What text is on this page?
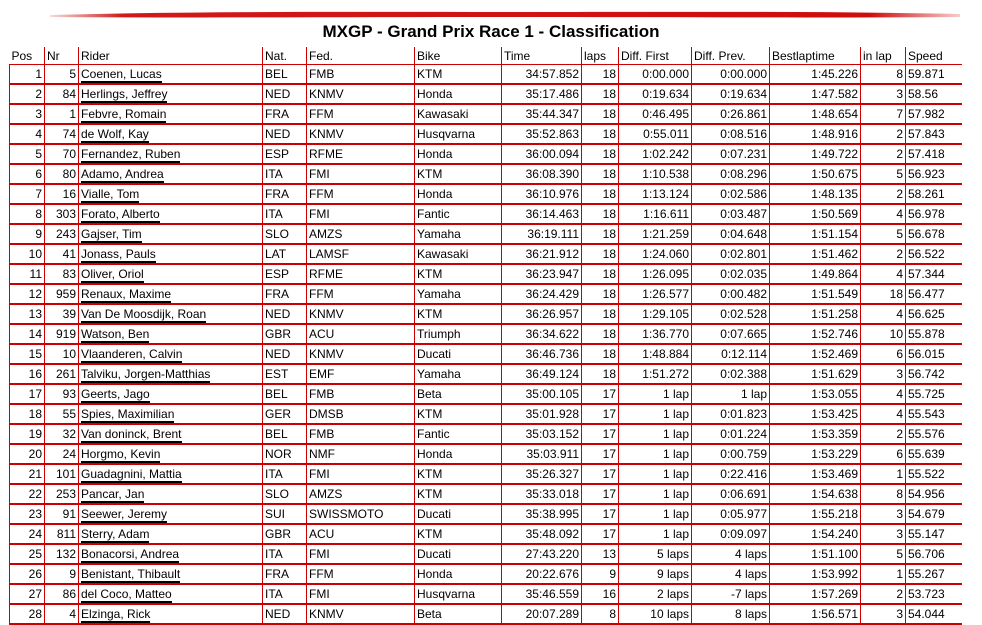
MXGP - Grand Prix Race 1 - Classification
Pos	Nr	Rider	Nat.	Fed.	Bike	Time	laps	Diff. First	Diff. Prev.	Bestlaptime	in lap	Speed
1	5	Coenen, Lucas	BEL	FMB	KTM	34:57.852	18	0:00.000	0:00.000	1:45.226	8	59.871
2	84	Herlings, Jeffrey	NED	KNMV	Honda	35:17.486	18	0:19.634	0:19.634	1:47.582	3	58.56
3	1	Febvre, Romain	FRA	FFM	Kawasaki	35:44.347	18	0:46.495	0:26.861	1:48.654	7	57.982
4	74	de Wolf, Kay	NED	KNMV	Husqvarna	35:52.863	18	0:55.011	0:08.516	1:48.916	2	57.843
5	70	Fernandez, Ruben	ESP	RFME	Honda	36:00.094	18	1:02.242	0:07.231	1:49.722	2	57.418
6	80	Adamo, Andrea	ITA	FMI	KTM	36:08.390	18	1:10.538	0:08.296	1:50.675	5	56.923
7	16	Vialle, Tom	FRA	FFM	Honda	36:10.976	18	1:13.124	0:02.586	1:48.135	2	58.261
8	303	Forato, Alberto	ITA	FMI	Fantic	36:14.463	18	1:16.611	0:03.487	1:50.569	4	56.978
9	243	Gajser, Tim	SLO	AMZS	Yamaha	36:19.111	18	1:21.259	0:04.648	1:51.154	5	56.678
10	41	Jonass, Pauls	LAT	LAMSF	Kawasaki	36:21.912	18	1:24.060	0:02.801	1:51.462	2	56.522
11	83	Oliver, Oriol	ESP	RFME	KTM	36:23.947	18	1:26.095	0:02.035	1:49.864	4	57.344
12	959	Renaux, Maxime	FRA	FFM	Yamaha	36:24.429	18	1:26.577	0:00.482	1:51.549	18	56.477
13	39	Van De Moosdijk, Roan	NED	KNMV	KTM	36:26.957	18	1:29.105	0:02.528	1:51.258	4	56.625
14	919	Watson, Ben	GBR	ACU	Triumph	36:34.622	18	1:36.770	0:07.665	1:52.746	10	55.878
15	10	Vlaanderen, Calvin	NED	KNMV	Ducati	36:46.736	18	1:48.884	0:12.114	1:52.469	6	56.015
16	261	Talviku, Jorgen-Matthias	EST	EMF	Yamaha	36:49.124	18	1:51.272	0:02.388	1:51.629	3	56.742
17	93	Geerts, Jago	BEL	FMB	Beta	35:00.105	17	1 lap	1 lap	1:53.055	4	55.725
18	55	Spies, Maximilian	GER	DMSB	KTM	35:01.928	17	1 lap	0:01.823	1:53.425	4	55.543
19	32	Van doninck, Brent	BEL	FMB	Fantic	35:03.152	17	1 lap	0:01.224	1:53.359	2	55.576
20	24	Horgmo, Kevin	NOR	NMF	Honda	35:03.911	17	1 lap	0:00.759	1:53.229	6	55.639
21	101	Guadagnini, Mattia	ITA	FMI	KTM	35:26.327	17	1 lap	0:22.416	1:53.469	1	55.522
22	253	Pancar, Jan	SLO	AMZS	KTM	35:33.018	17	1 lap	0:06.691	1:54.638	8	54.956
23	91	Seewer, Jeremy	SUI	SWISSMOTO	Ducati	35:38.995	17	1 lap	0:05.977	1:55.218	3	54.679
24	811	Sterry, Adam	GBR	ACU	KTM	35:48.092	17	1 lap	0:09.097	1:54.240	3	55.147
25	132	Bonacorsi, Andrea	ITA	FMI	Ducati	27:43.220	13	5 laps	4 laps	1:51.100	5	56.706
26	9	Benistant, Thibault	FRA	FFM	Honda	20:22.676	9	9 laps	4 laps	1:53.992	1	55.267
27	86	del Coco, Matteo	ITA	FMI	Husqvarna	35:46.559	16	2 laps	-7 laps	1:57.269	2	53.723
28	4	Elzinga, Rick	NED	KNMV	Beta	20:07.289	8	10 laps	8 laps	1:56.571	3	54.044
